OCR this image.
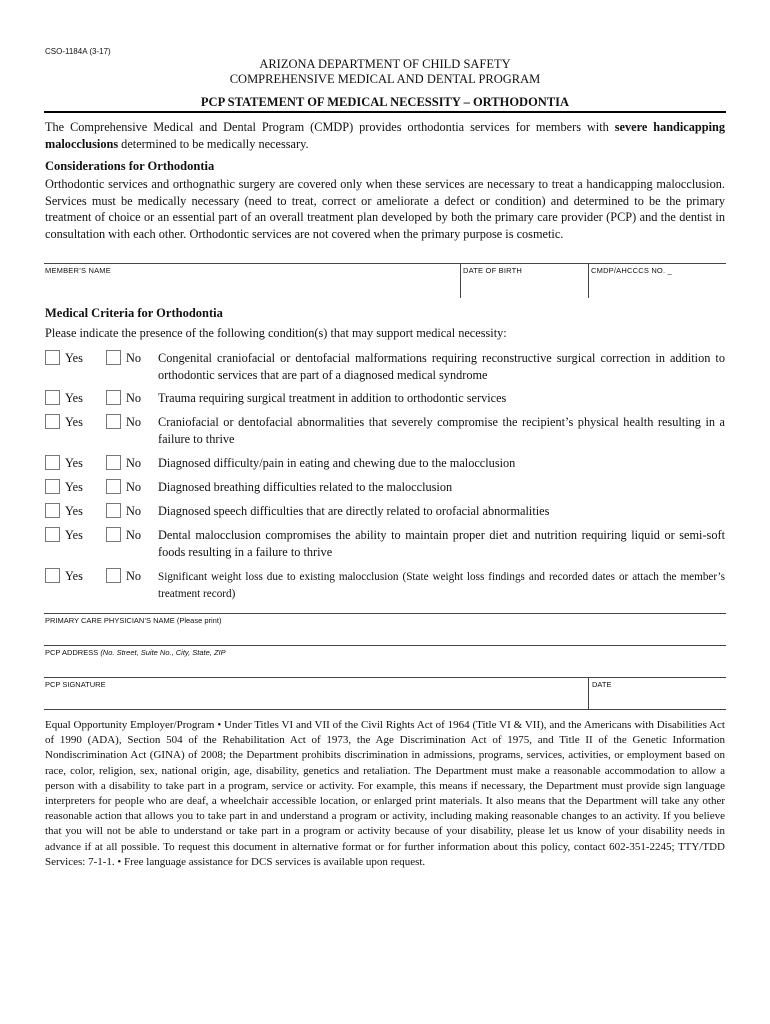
CSO-1184A (3-17)
ARIZONA DEPARTMENT OF CHILD SAFETY
COMPREHENSIVE MEDICAL AND DENTAL PROGRAM
PCP STATEMENT OF MEDICAL NECESSITY – ORTHODONTIA
The Comprehensive Medical and Dental Program (CMDP) provides orthodontia services for members with severe handicapping malocclusions determined to be medically necessary.
Considerations for Orthodontia
Orthodontic services and orthognathic surgery are covered only when these services are necessary to treat a handicapping malocclusion. Services must be medically necessary (need to treat, correct or ameliorate a defect or condition) and determined to be the primary treatment of choice or an essential part of an overall treatment plan developed by both the primary care provider (PCP) and the dentist in consultation with each other. Orthodontic services are not covered when the primary purpose is cosmetic.
MEMBER’S NAME	DATE OF BIRTH	CMDP/AHCCCS NO. _
Medical Criteria for Orthodontia
Please indicate the presence of the following condition(s) that may support medical necessity:
Yes	No Congenital craniofacial or dentofacial malformations requiring reconstructive surgical correction in addition to orthodontic services that are part of a diagnosed medical syndrome
Yes	No Trauma requiring surgical treatment in addition to orthodontic services
Yes	No Craniofacial or dentofacial abnormalities that severely compromise the recipient’s physical health resulting in a failure to thrive
Yes	No Diagnosed difficulty/pain in eating and chewing due to the malocclusion
Yes	No Diagnosed breathing difficulties related to the malocclusion
Yes	No Diagnosed speech difficulties that are directly related to orofacial abnormalities
Yes	No Dental malocclusion compromises the ability to maintain proper diet and nutrition requiring liquid or semi-soft foods resulting in a failure to thrive
Yes	No Significant weight loss due to existing malocclusion (State weight loss findings and recorded dates or attach the member’s treatment record)
PRIMARY CARE PHYSICIAN’S NAME (Please print)
PCP ADDRESS (No. Street, Suite No., City, State, ZIP
PCP SIGNATURE	DATE
Equal Opportunity Employer/Program • Under Titles VI and VII of the Civil Rights Act of 1964 (Title VI & VII), and the Americans with Disabilities Act of 1990 (ADA), Section 504 of the Rehabilitation Act of 1973, the Age Discrimination Act of 1975, and Title II of the Genetic Information Nondiscrimination Act (GINA) of 2008; the Department prohibits discrimination in admissions, programs, services, activities, or employment based on race, color, religion, sex, national origin, age, disability, genetics and retaliation. The Department must make a reasonable accommodation to allow a person with a disability to take part in a program, service or activity. For example, this means if necessary, the Department must provide sign language interpreters for people who are deaf, a wheelchair accessible location, or enlarged print materials. It also means that the Department will take any other reasonable action that allows you to take part in and understand a program or activity, including making reasonable changes to an activity. If you believe that you will not be able to understand or take part in a program or activity because of your disability, please let us know of your disability needs in advance if at all possible. To request this document in alternative format or for further information about this policy, contact 602-351-2245; TTY/TDD Services: 7-1-1. • Free language assistance for DCS services is available upon request.
